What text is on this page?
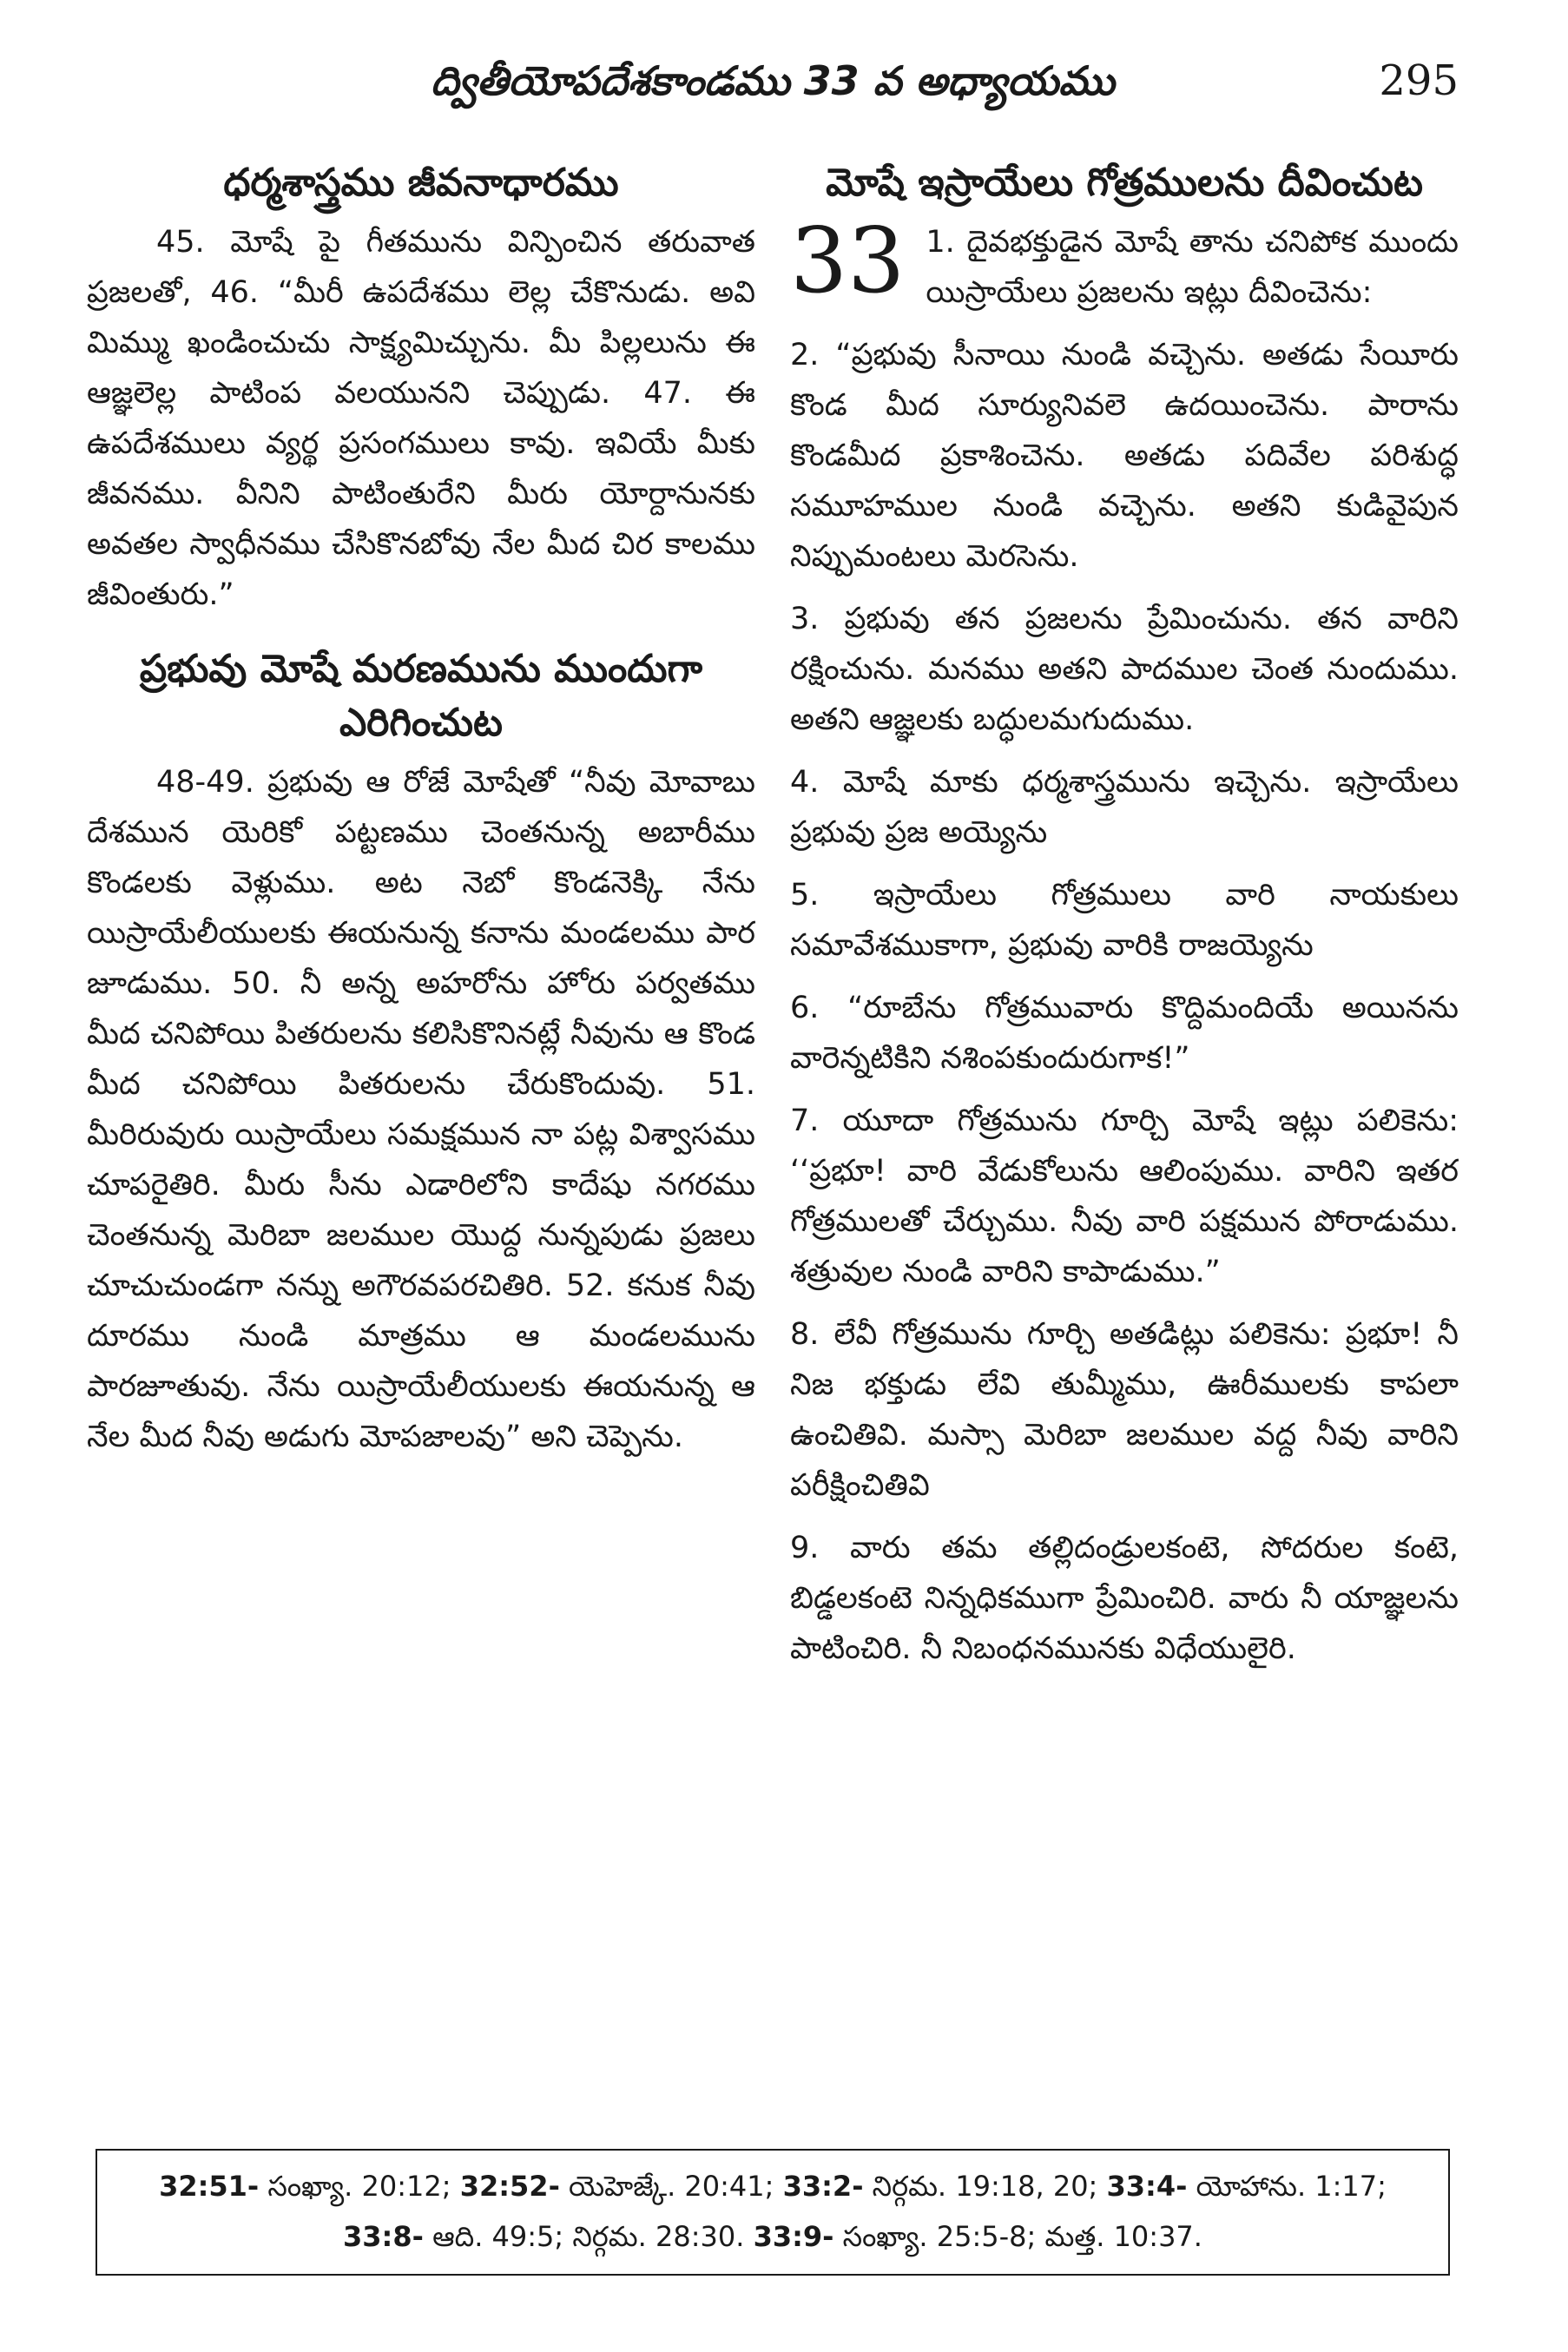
ద్వితీయోపదేశకాండము 33 వ అధ్యాయము	295
ధర్మశాస్త్రము జీవనాధారము

45. మోషే పై గీతమును విన్పించిన తరువాత ప్రజలతో, 46. “మీరీ ఉపదేశము లెల్ల చేకొనుడు. అవి మిమ్ము ఖండించుచు సాక్ష్యమిచ్చును. మీ పిల్లలును ఈ ఆజ్ఞలెల్ల పాటింప వలయునని చెప్పుడు. 47. ఈ ఉపదేశములు వ్యర్థ ప్రసంగములు కావు. ఇవియే మీకు జీవనము. వీనిని పాటింతురేని మీరు యోర్దానునకు అవతల స్వాధీనము చేసికొనబోవు నేల మీద చిర కాలము జీవింతురు.”

ప్రభువు మోషే మరణమును ముందుగా ఎరిగించుట

48-49. ప్రభువు ఆ రోజే మోషేతో “నీవు మోవాబు దేశమున యెరికో పట్టణము చెంతనున్న అబారీము కొండలకు వెళ్లుము. అట నెబో కొండనెక్కి నేను యిస్రాయేలీయులకు ఈయనున్న కనాను మండలము పార జూడుము. 50. నీ అన్న అహరోను హోరు పర్వతము మీద చనిపోయి పితరులను కలిసికొనినట్లే నీవును ఆ కొండ మీద చనిపోయి పితరులను చేరుకొందువు. 51. మీరిరువురు యిస్రాయేలు సమక్షమున నా పట్ల విశ్వాసము చూపరైతిరి. మీరు సీను ఎడారిలోని కాదేషు నగరము చెంతనున్న మెరిబా జలముల యొద్ద నున్నపుడు ప్రజలు చూచుచుండగా నన్ను అగౌరవపరచితిరి. 52. కనుక నీవు దూరము నుండి మాత్రము ఆ మండలమును పారజూతువు. నేను యిస్రాయేలీయులకు ఈయనున్న ఆ నేల మీద నీవు అడుగు మోపజాలవు” అని చెప్పెను.

మోషే ఇస్రాయేలు గోత్రములను దీవించుట
33 1. దైవభక్తుడైన మోషే తాను చనిపోక ముందు యిస్రాయేలు ప్రజలను ఇట్లు దీవించెను:

2. “ప్రభువు సీనాయి నుండి వచ్చెను. అతడు సేయీరు కొండ మీద సూర్యునివలె ఉదయించెను. పారాను కొండమీద ప్రకాశించెను. అతడు పదివేల పరిశుద్ధ సమూహముల నుండి వచ్చెను. అతని కుడివైపున నిప్పుమంటలు మెరసెను.

3. ప్రభువు తన ప్రజలను ప్రేమించును. తన వారిని రక్షించును. మనము అతని పాదముల చెంత నుందుము. అతని ఆజ్ఞలకు బద్ధులమగుదుము.

4. మోషే మాకు ధర్మశాస్త్రమును ఇచ్చెను. ఇస్రాయేలు ప్రభువు ప్రజ అయ్యెను

5. ఇస్రాయేలు గోత్రములు వారి నాయకులు సమావేశముకాగా, ప్రభువు వారికి రాజయ్యెను

6. “రూబేను గోత్రమువారు కొద్దిమందియే అయినను వారెన్నటికిని నశింపకుందురుగాక!”

7. యూదా గోత్రమును గూర్చి మోషే ఇట్లు పలికెను: ‘‘ప్రభూ! వారి వేడుకోలును ఆలింపుము. వారిని ఇతర గోత్రములతో చేర్చుము. నీవు వారి పక్షమున పోరాడుము. శత్రువుల నుండి వారిని కాపాడుము.”

8. లేవీ గోత్రమును గూర్చి అతడిట్లు పలికెను: ప్రభూ! నీ నిజ భక్తుడు లేవి తుమ్మీము, ఊరీములకు కాపలా ఉంచితివి. మస్సా మెరిబా జలముల వద్ద నీవు వారిని పరీక్షించితివి

9. వారు తమ తల్లిదండ్రులకంటె, సోదరుల కంటె, బిడ్డలకంటె నిన్నధికముగా ప్రేమించిరి. వారు నీ యాజ్ఞలను పాటించిరి. నీ నిబంధనమునకు విధేయులైరి.

32:51- సంఖ్యా. 20:12; 32:52- యెహెజ్కే. 20:41; 33:2- నిర్గమ. 19:18, 20; 33:4- యోహాను. 1:17; 33:8- ఆది. 49:5; నిర్గమ. 28:30. 33:9- సంఖ్యా. 25:5-8; మత్త. 10:37.
